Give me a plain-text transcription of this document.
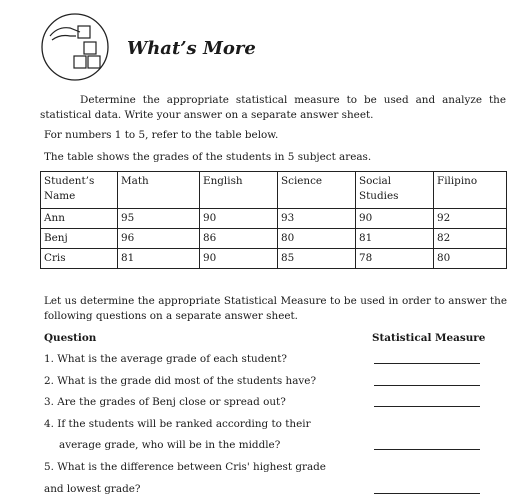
What’s More
Determine the appropriate statistical measure to be used and analyze the statistical data. Write your answer on a separate answer sheet.
For numbers 1 to 5, refer to the table below.
The table shows the grades of the students in 5 subject areas.
Student’s Name	Math	English	Science	Social Studies	Filipino
Ann	95	90	93	90	92
Benj	96	86	80	81	82
Cris	81	90	85	78	80
Let us determine the appropriate Statistical Measure to be used in order to answer the following questions on a separate answer sheet.
Question	Statistical Measure
1. What is the average grade of each student?
2. What is the grade did most of the students have?
3. Are the grades of Benj close or spread out?
4. If the students will be ranked according to their
average grade, who will be in the middle?
5. What is the difference between Cris' highest grade
and lowest grade?
